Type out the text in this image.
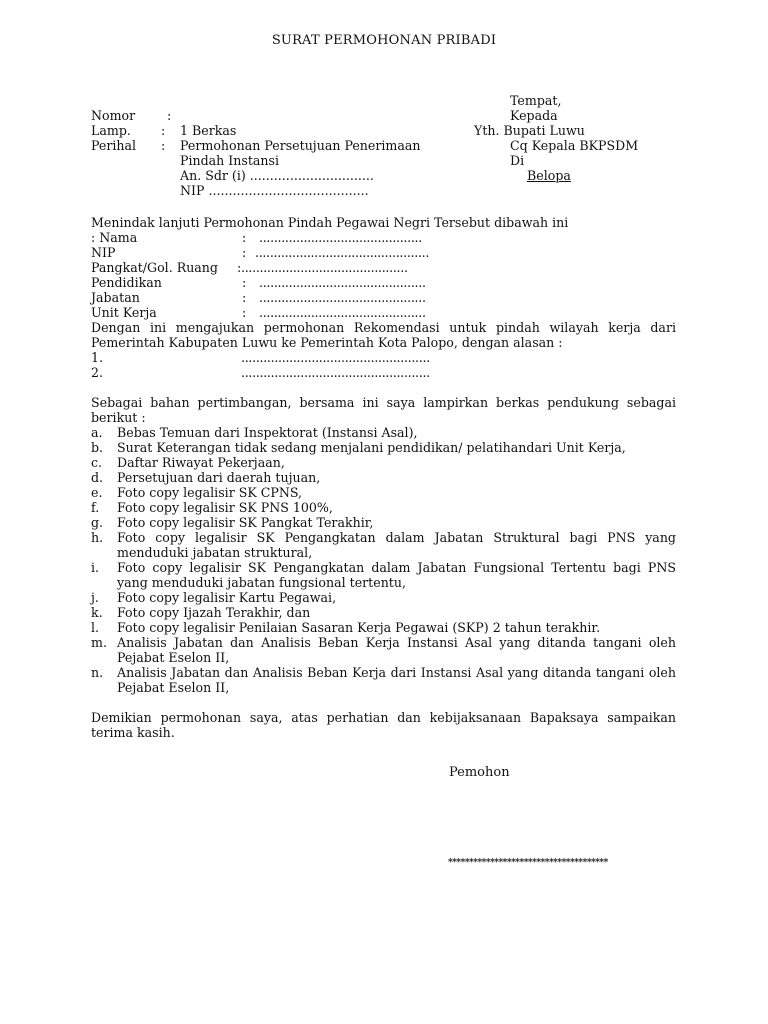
SURAT PERMOHONAN PRIBADI
Nomor	:
Lamp. : 1 Berkas
Perihal : Permohonan Persetujuan Penerimaan
Pindah Instansi
An. Sdr (i) ...............................
NIP ........................................
Tempat,
Kepada
Yth. Bupati Luwu
Cq Kepala BKPSDM
Di
Belopa
Menindak lanjuti Permohonan Pindah Pegawai Negri Tersebut dibawah ini
: Nama	: ............................................
NIP	: ...............................................
Pangkat/Gol. Ruang : .............................................
Pendidikan	: .............................................
Jabatan	: .............................................
Unit Kerja	: .............................................
Dengan ini mengajukan permohonan Rekomendasi untuk pindah wilayah kerja dari Pemerintah Kabupaten Luwu ke Pemerintah Kota Palopo, dengan alasan :
1.	...................................................
2.	...................................................
Sebagai bahan pertimbangan, bersama ini saya lampirkan berkas pendukung sebagai berikut :
a. Bebas Temuan dari Inspektorat (Instansi Asal),
b. Surat Keterangan tidak sedang menjalani pendidikan/ pelatihandari Unit Kerja,
c. Daftar Riwayat Pekerjaan,
d. Persetujuan dari daerah tujuan,
e. Foto copy legalisir SK CPNS,
f. Foto copy legalisir SK PNS 100%,
g. Foto copy legalisir SK Pangkat Terakhir,
h. Foto copy legalisir SK Pengangkatan dalam Jabatan Struktural bagi PNS yang menduduki jabatan struktural,
i. Foto copy legalisir SK Pengangkatan dalam Jabatan Fungsional Tertentu bagi PNS yang menduduki jabatan fungsional tertentu,
j. Foto copy legalisir Kartu Pegawai,
k. Foto copy Ijazah Terakhir, dan
l. Foto copy legalisir Penilaian Sasaran Kerja Pegawai (SKP) 2 tahun terakhir.
m. Analisis Jabatan dan Analisis Beban Kerja Instansi Asal yang ditanda tangani oleh Pejabat Eselon II,
n. Analisis Jabatan dan Analisis Beban Kerja dari Instansi Asal yang ditanda tangani oleh Pejabat Eselon II,
Demikian permohonan saya, atas perhatian dan kebijaksanaan Bapaksaya sampaikan terima kasih.
Pemohon
**************************************
